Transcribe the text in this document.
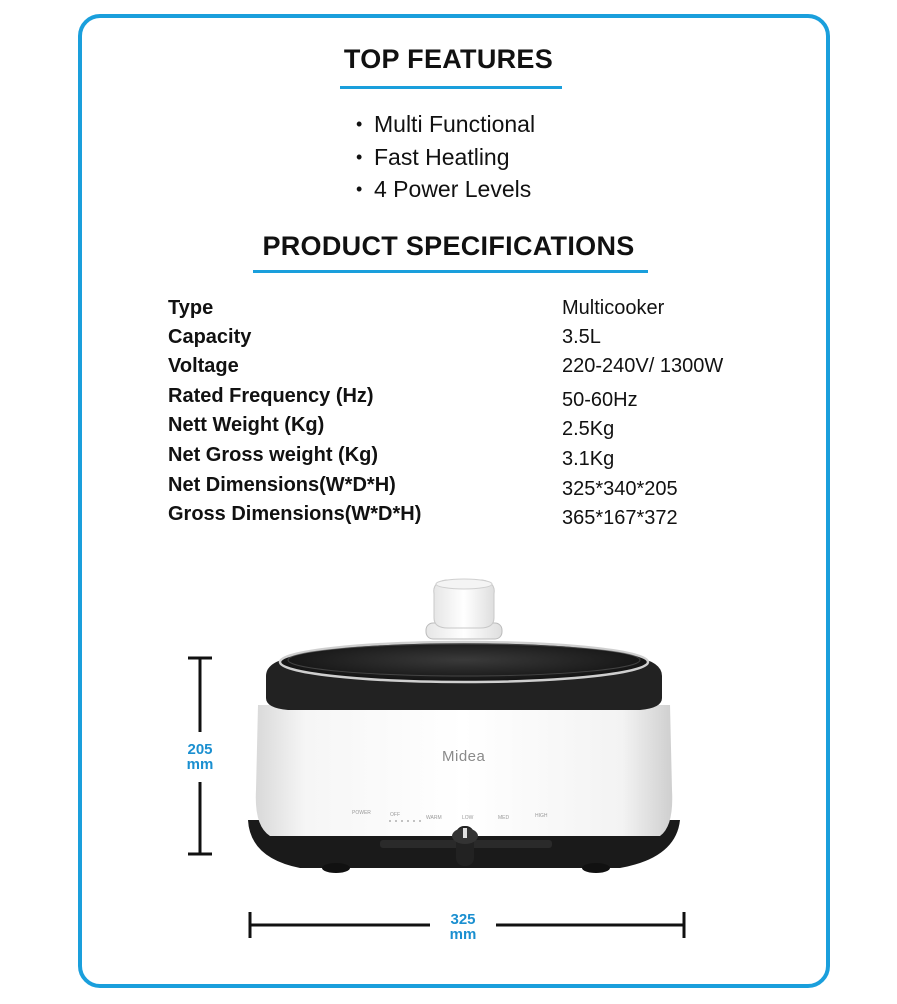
TOP FEATURES
• Multi Functional
• Fast Heatling
• 4 Power Levels
PRODUCT SPECIFICATIONS
Type	Multicooker
Capacity	3.5L
Voltage	220-240V/ 1300W
Rated Frequency (Hz)	50-60Hz
Nett Weight (Kg)	2.5Kg
Net Gross weight (Kg)	3.1Kg
Net Dimensions(W*D*H)	325*340*205
Gross Dimensions(W*D*H)	365*167*372
Midea
POWER	OFF	WARM	LOW	MED	HIGH
205
mm
325
mm
